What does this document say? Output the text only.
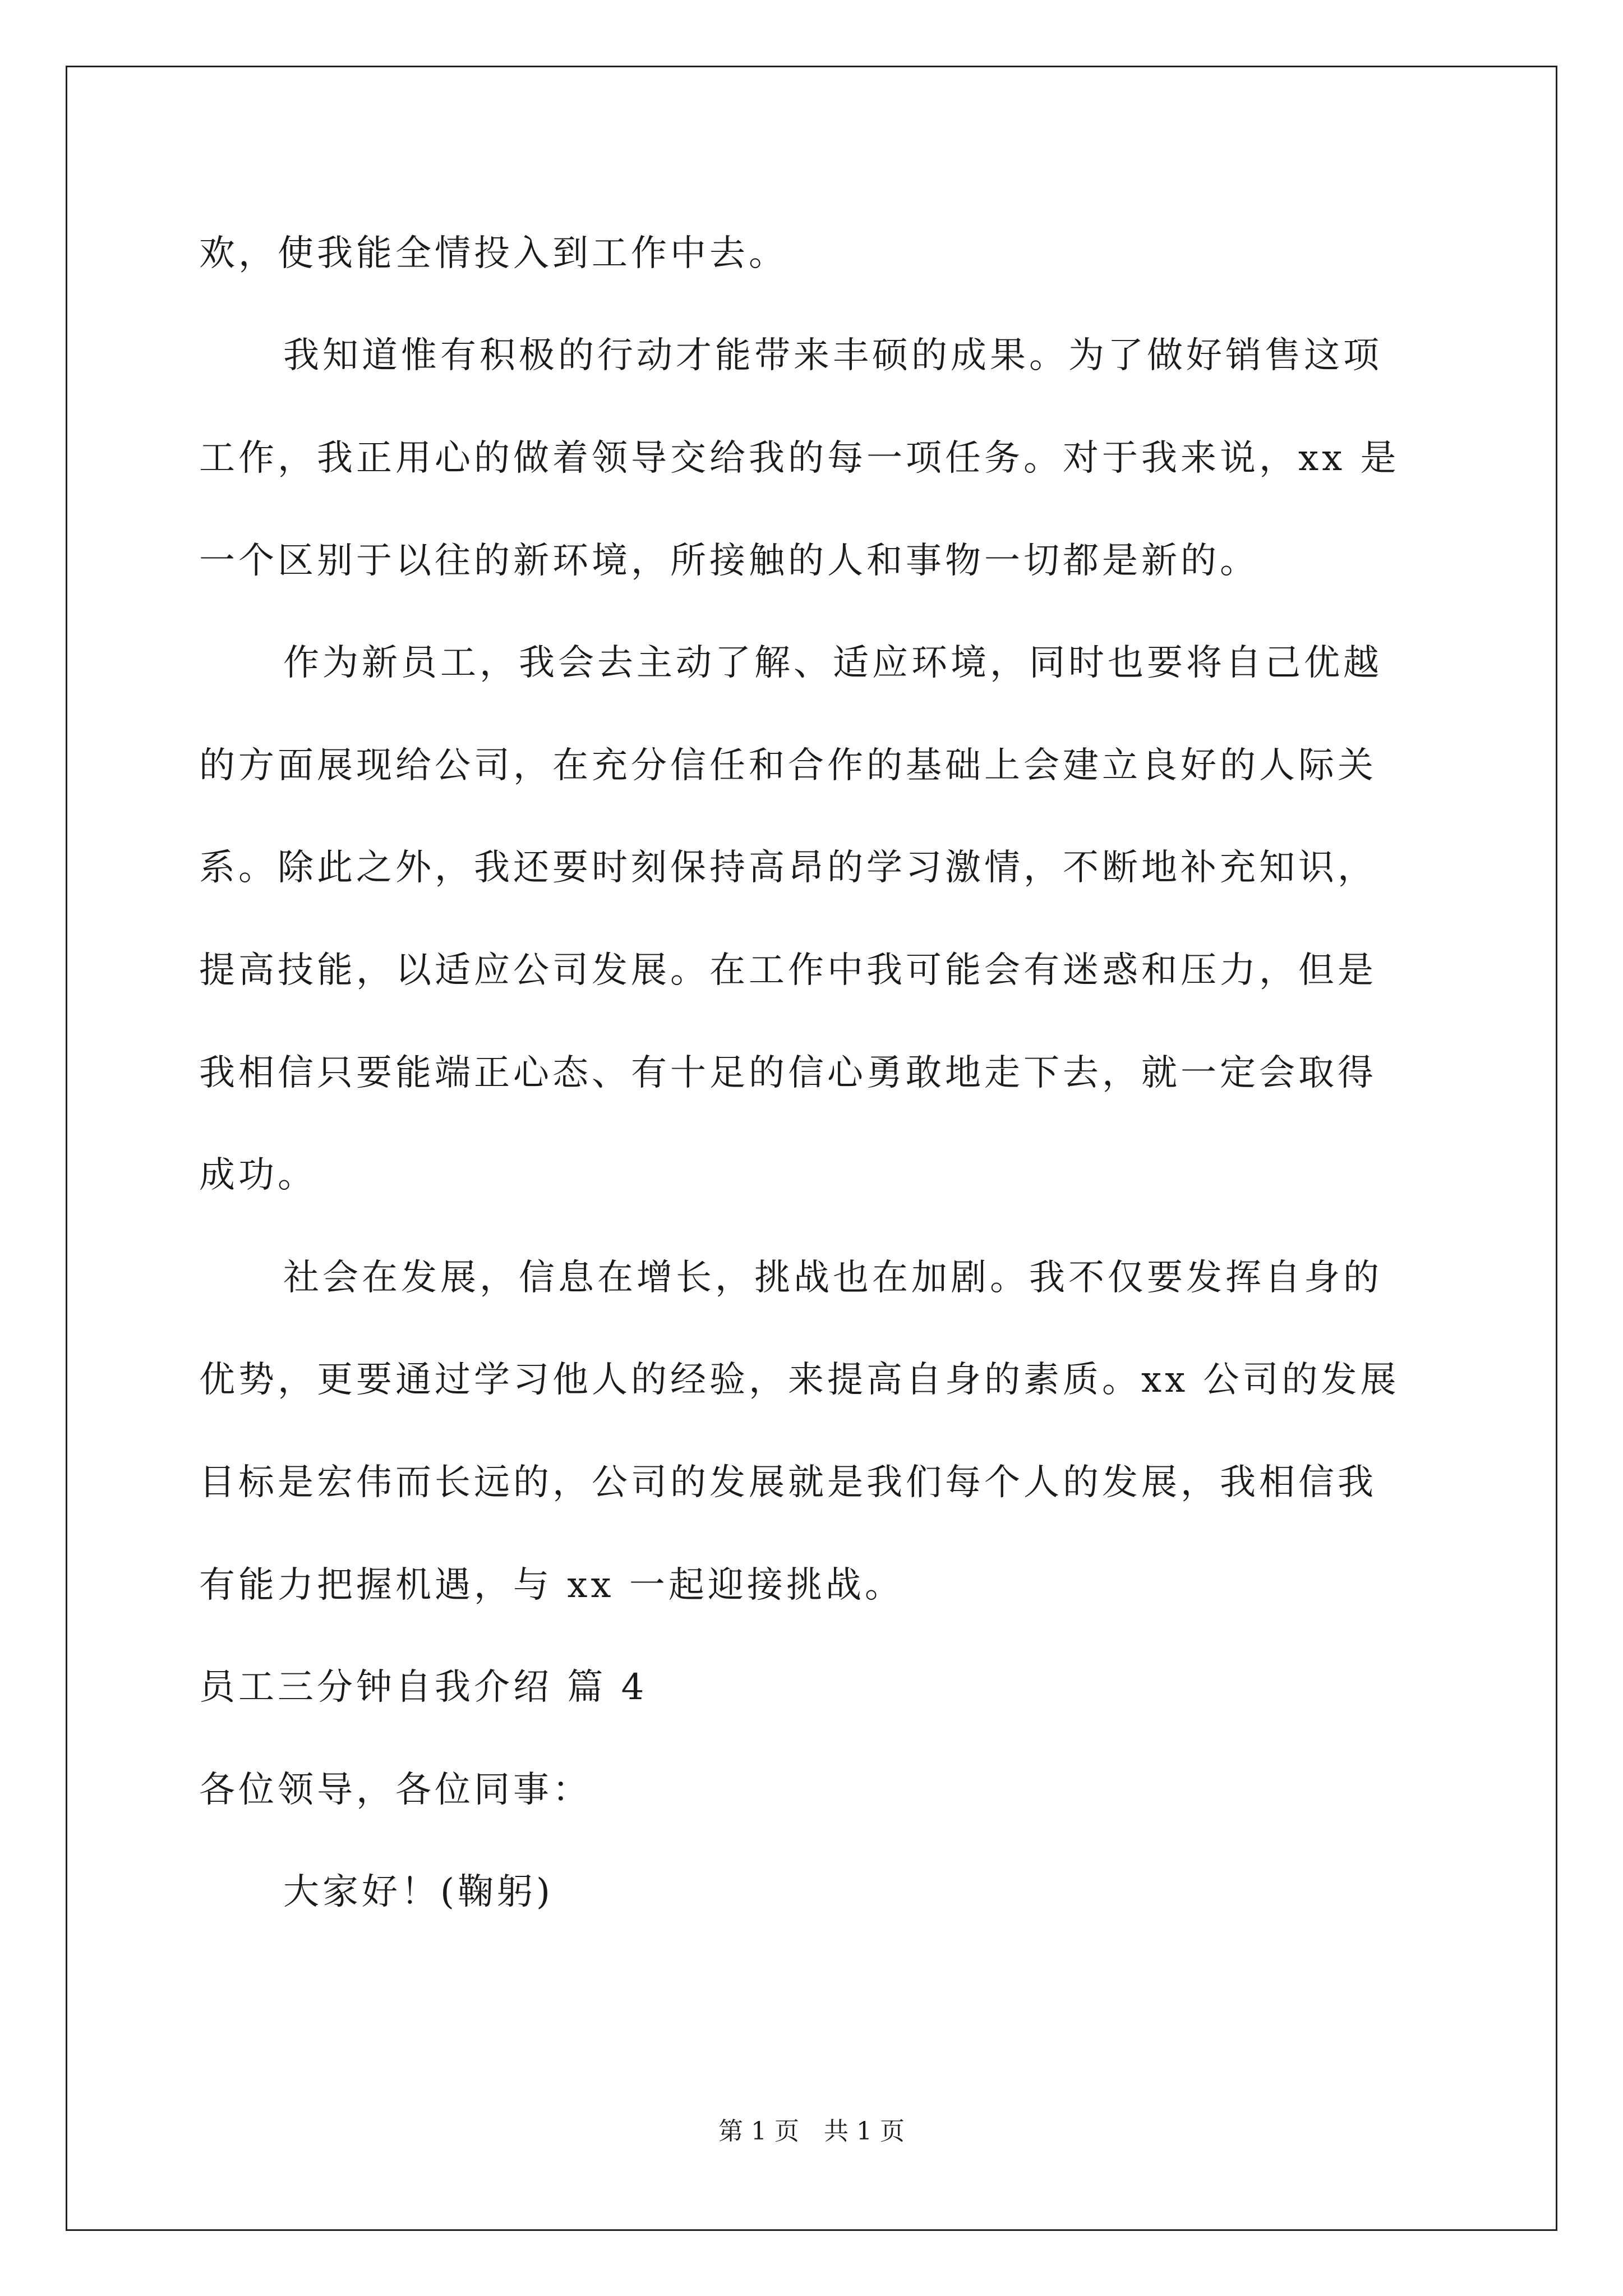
欢，使我能全情投入到工作中去。
我知道惟有积极的行动才能带来丰硕的成果。为了做好销售这项
工作，我正用心的做着领导交给我的每一项任务。对于我来说，xx 是
一个区别于以往的新环境，所接触的人和事物一切都是新的。
作为新员工，我会去主动了解、适应环境，同时也要将自己优越
的方面展现给公司，在充分信任和合作的基础上会建立良好的人际关
系。除此之外，我还要时刻保持高昂的学习激情，不断地补充知识，
提高技能，以适应公司发展。在工作中我可能会有迷惑和压力，但是
我相信只要能端正心态、有十足的信心勇敢地走下去，就一定会取得
成功。
社会在发展，信息在增长，挑战也在加剧。我不仅要发挥自身的
优势，更要通过学习他人的经验，来提高自身的素质。xx 公司的发展
目标是宏伟而长远的，公司的发展就是我们每个人的发展，我相信我
有能力把握机遇，与 xx 一起迎接挑战。
员工三分钟自我介绍 篇 4
各位领导，各位同事：
大家好！(鞠躬)
第 1 页　共 1 页
